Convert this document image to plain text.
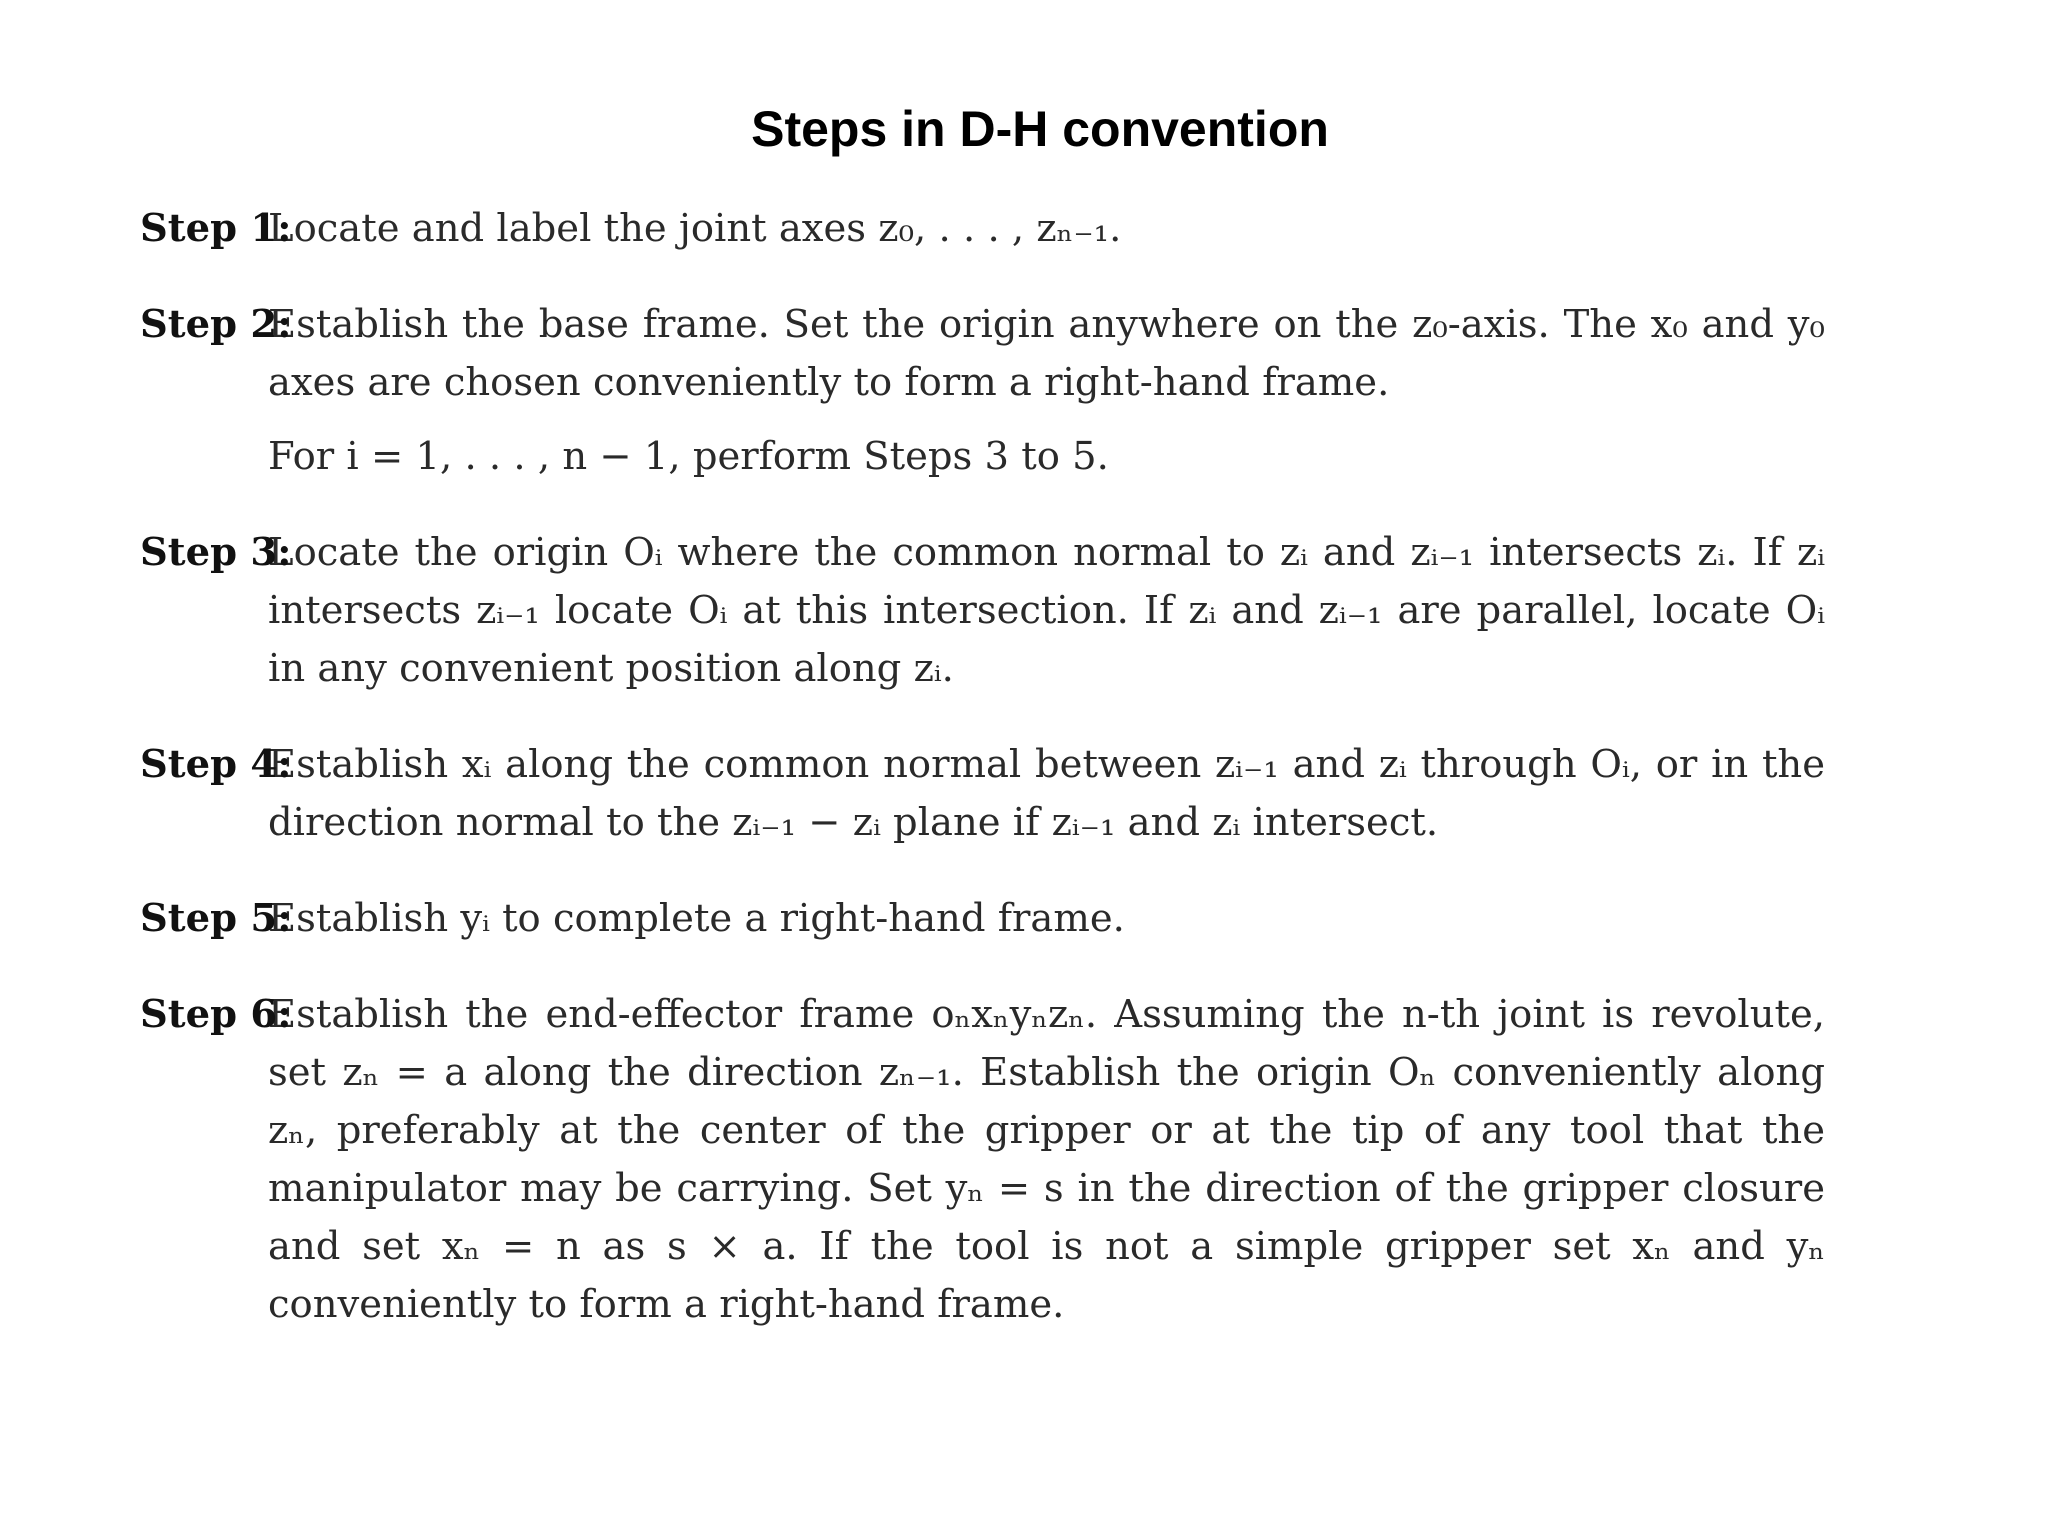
Steps in D-H convention
Step 1:
Locate and label the joint axes z₀, . . . , zₙ₋₁.
Step 2:
Establish the base frame. Set the origin anywhere on the z₀-axis. The x₀ and y₀ axes are chosen conveniently to form a right-hand frame.
For i = 1, . . . , n − 1, perform Steps 3 to 5.
Step 3:
Locate the origin Oᵢ where the common normal to zᵢ and zᵢ₋₁ intersects zᵢ. If zᵢ intersects zᵢ₋₁ locate Oᵢ at this intersection. If zᵢ and zᵢ₋₁ are parallel, locate Oᵢ in any convenient position along zᵢ.
Step 4:
Establish xᵢ along the common normal between zᵢ₋₁ and zᵢ through Oᵢ, or in the direction normal to the zᵢ₋₁ − zᵢ plane if zᵢ₋₁ and zᵢ intersect.
Step 5:
Establish yᵢ to complete a right-hand frame.
Step 6:
Establish the end-effector frame oₙxₙyₙzₙ. Assuming the n-th joint is revolute, set zₙ = a along the direction zₙ₋₁. Establish the origin Oₙ conveniently along zₙ, preferably at the center of the gripper or at the tip of any tool that the manipulator may be carrying. Set yₙ = s in the direction of the gripper closure and set xₙ = n as s × a. If the tool is not a simple gripper set xₙ and yₙ conveniently to form a right-hand frame.
